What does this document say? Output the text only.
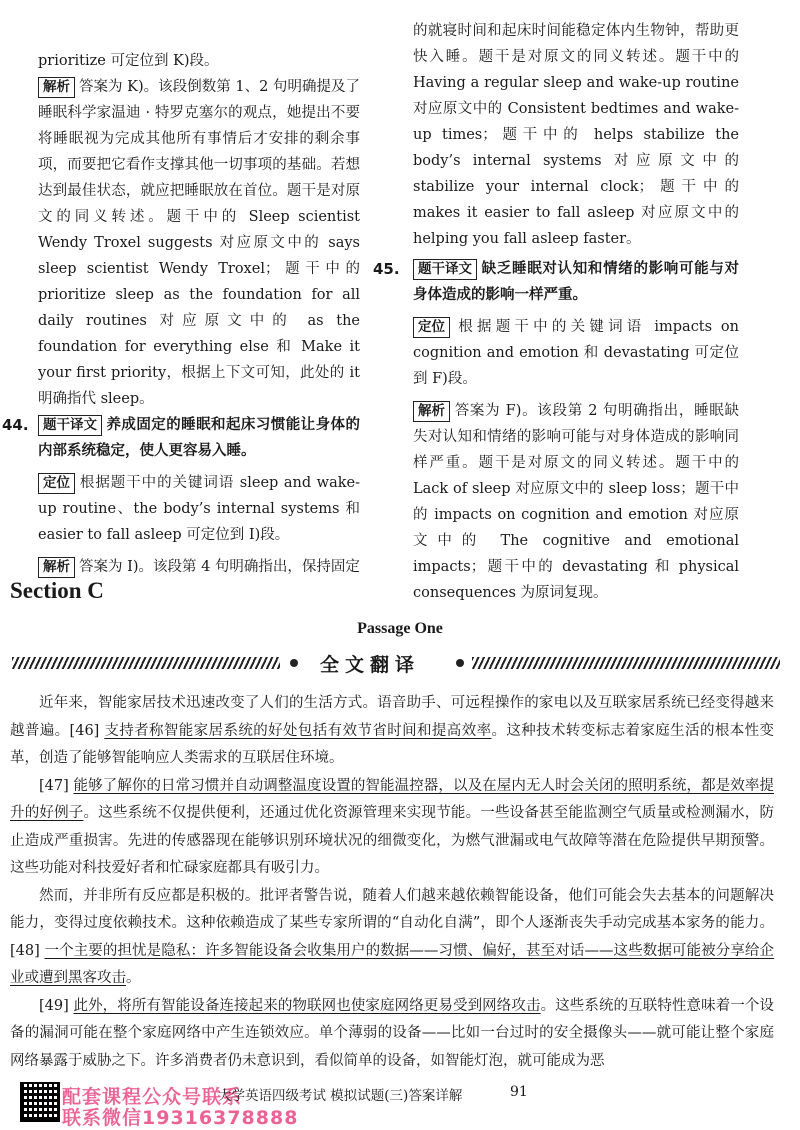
prioritize 可定位到 K)段。

解析 答案为 K)。该段倒数第 1、2 句明确提及了睡眠科学家温迪 · 特罗克塞尔的观点，她提出不要将睡眠视为完成其他所有事情后才安排的剩余事项，而要把它看作支撑其他一切事项的基础。若想达到最佳状态，就应把睡眠放在首位。题干是对原文的同义转述。题干中的 Sleep scientist Wendy Troxel suggests 对应原文中的 says sleep scientist Wendy Troxel；题干中的 prioritize sleep as the foundation for all daily routines 对应原文中的 as the foundation for everything else 和 Make it your first priority，根据上下文可知，此处的 it 明确指代 sleep。

44.	题干译文 养成固定的睡眠和起床习惯能让身体的内部系统稳定，使人更容易入睡。

定位 根据题干中的关键词语 sleep and wake-up routine、the body’s internal systems 和 easier to fall asleep 可定位到 I)段。

解析 答案为 I)。该段第 4 句明确指出，保持固定

的就寝时间和起床时间能稳定体内生物钟，帮助更快入睡。题干是对原文的同义转述。题干中的 Having a regular sleep and wake-up routine 对应原文中的 Consistent bedtimes and wake-up times；题干中的 helps stabilize the body’s internal systems 对应原文中的 stabilize your internal clock；题干中的 makes it easier to fall asleep 对应原文中的 helping you fall asleep faster。

45.	题干译文 缺乏睡眠对认知和情绪的影响可能与对身体造成的影响一样严重。

定位 根据题干中的关键词语 impacts on cognition and emotion 和 devastating 可定位到 F)段。

解析 答案为 F)。该段第 2 句明确指出，睡眠缺失对认知和情绪的影响可能与对身体造成的影响同样严重。题干是对原文的同义转述。题干中的 Lack of sleep 对应原文中的 sleep loss；题干中的 impacts on cognition and emotion 对应原文中的 The cognitive and emotional impacts；题干中的 devastating 和 physical consequences 为原词复现。

Section C
Passage One
全文翻译

近年来，智能家居技术迅速改变了人们的生活方式。语音助手、可远程操作的家电以及互联家居系统已经变得越来越普遍。[46] 支持者称智能家居系统的好处包括有效节省时间和提高效率。这种技术转变标志着家庭生活的根本性变革，创造了能够智能响应人类需求的互联居住环境。

[47] 能够了解你的日常习惯并自动调整温度设置的智能温控器，以及在屋内无人时会关闭的照明系统，都是效率提升的好例子。这些系统不仅提供便利，还通过优化资源管理来实现节能。一些设备甚至能监测空气质量或检测漏水，防止造成严重损害。先进的传感器现在能够识别环境状况的细微变化，为燃气泄漏或电气故障等潜在危险提供早期预警。这些功能对科技爱好者和忙碌家庭都具有吸引力。

然而，并非所有反应都是积极的。批评者警告说，随着人们越来越依赖智能设备，他们可能会失去基本的问题解决能力，变得过度依赖技术。这种依赖造成了某些专家所谓的“自动化自满”，即个人逐渐丧失手动完成基本家务的能力。[48] 一个主要的担忧是隐私：许多智能设备会收集用户的数据——习惯、偏好，甚至对话——这些数据可能被分享给企业或遭到黑客攻击。

[49] 此外，将所有智能设备连接起来的物联网也使家庭网络更易受到网络攻击。这些系统的互联特性意味着一个设备的漏洞可能在整个家庭网络中产生连锁效应。单个薄弱的设备——比如一台过时的安全摄像头——就可能让整个家庭网络暴露于威胁之下。许多消费者仍未意识到，看似简单的设备，如智能灯泡，就可能成为恶

配套课程公众号联系
联系微信19316378888
大学英语四级考试 模拟试题(三)答案详解	91
